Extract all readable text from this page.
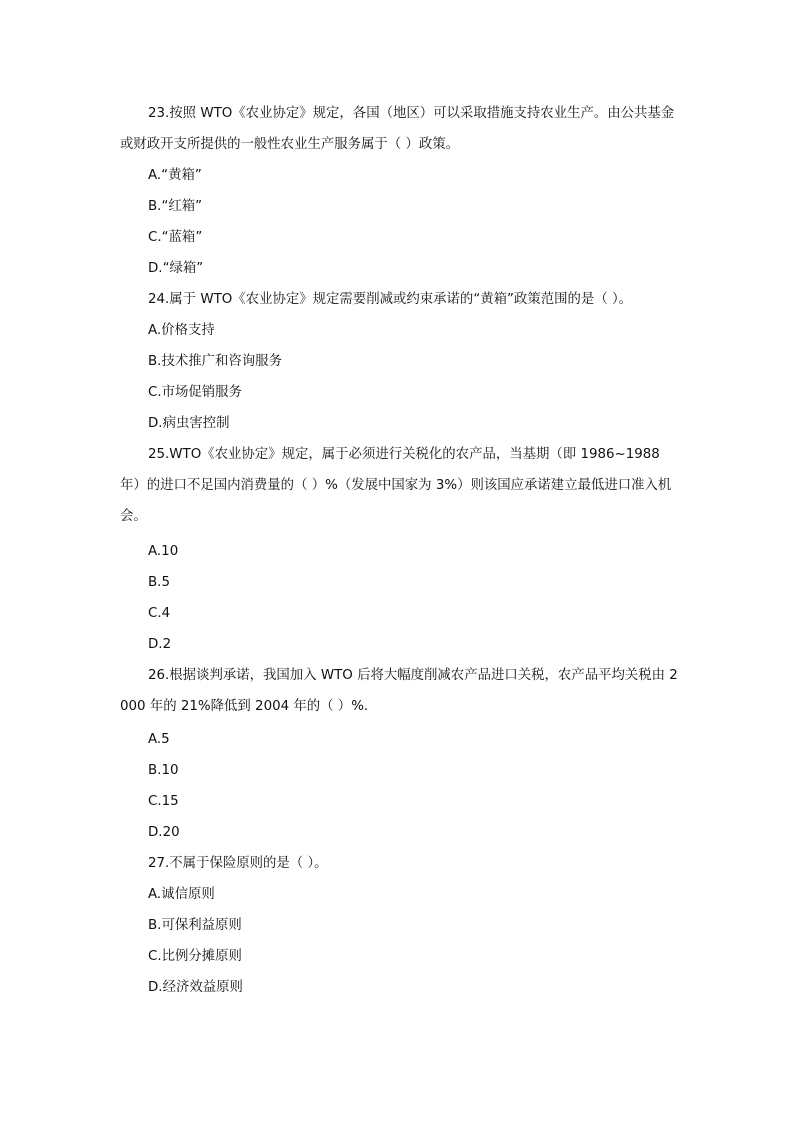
23.按照 WTO《农业协定》规定，各国（地区）可以采取措施支持农业生产。由公共基金或财政开支所提供的一般性农业生产服务属于（ ）政策。
A.“黄箱”
B.“红箱”
C.“蓝箱”
D.“绿箱”
24.属于 WTO《农业协定》规定需要削减或约束承诺的“黄箱”政策范围的是（ ）。
A.价格支持
B.技术推广和咨询服务
C.市场促销服务
D.病虫害控制
25.WTO《农业协定》规定，属于必须进行关税化的农产品，当基期（即 1986~1988 年）的进口不足国内消费量的（ ）%（发展中国家为 3%）则该国应承诺建立最低进口准入机会。
A.10
B.5
C.4
D.2
26.根据谈判承诺，我国加入 WTO 后将大幅度削减农产品进口关税，农产品平均关税由 2000 年的 21%降低到 2004 年的（ ）%.
A.5
B.10
C.15
D.20
27.不属于保险原则的是（ ）。
A.诚信原则
B.可保利益原则
C.比例分摊原则
D.经济效益原则
